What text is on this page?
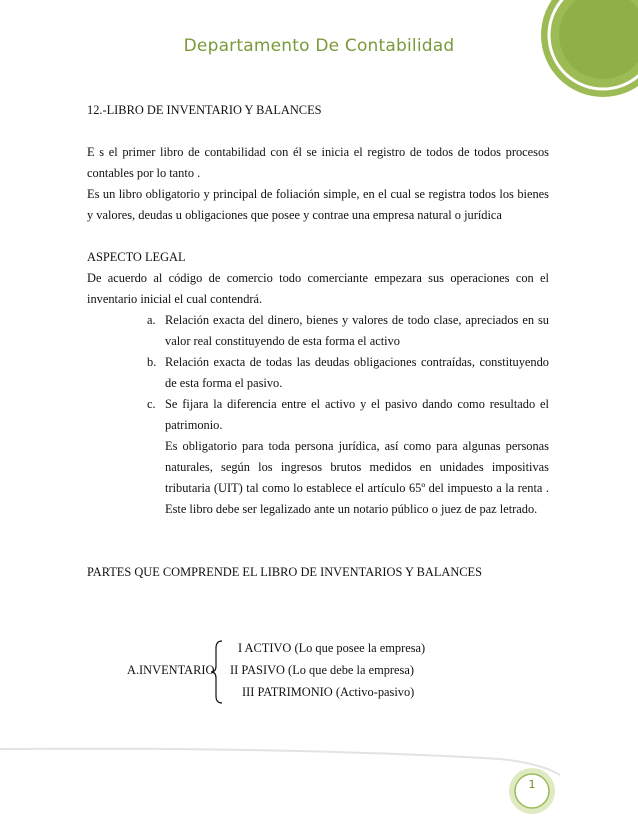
Departamento De Contabilidad

12.-LIBRO DE INVENTARIO Y BALANCES

E s el primer libro de contabilidad con él se inicia el registro de todos de todos procesos contables por lo tanto .

Es un libro obligatorio y principal de foliación simple, en el cual se registra todos los bienes y valores, deudas u obligaciones que posee y contrae una empresa natural o jurídica

ASPECTO LEGAL

De acuerdo al código de comercio todo comerciante empezara sus operaciones con el inventario inicial el cual contendrá.

a. Relación exacta del dinero, bienes y valores de todo clase, apreciados en su valor real constituyendo de esta forma el activo
b. Relación exacta de todas las deudas obligaciones contraídas, constituyendo de esta forma el pasivo.
c. Se fijara la diferencia entre el activo y el pasivo dando como resultado el patrimonio.

Es obligatorio para toda persona jurídica, así como para algunas personas naturales, según los ingresos brutos medidos en unidades impositivas tributaria (UIT) tal como lo establece el artículo 65º del impuesto a la renta . Este libro debe ser legalizado ante un notario público o juez de paz letrado.

PARTES QUE COMPRENDE EL LIBRO DE INVENTARIOS Y BALANCES

A.INVENTARIO
I ACTIVO (Lo que posee la empresa)
II PASIVO (Lo que debe la empresa)
III PATRIMONIO (Activo-pasivo)
1
